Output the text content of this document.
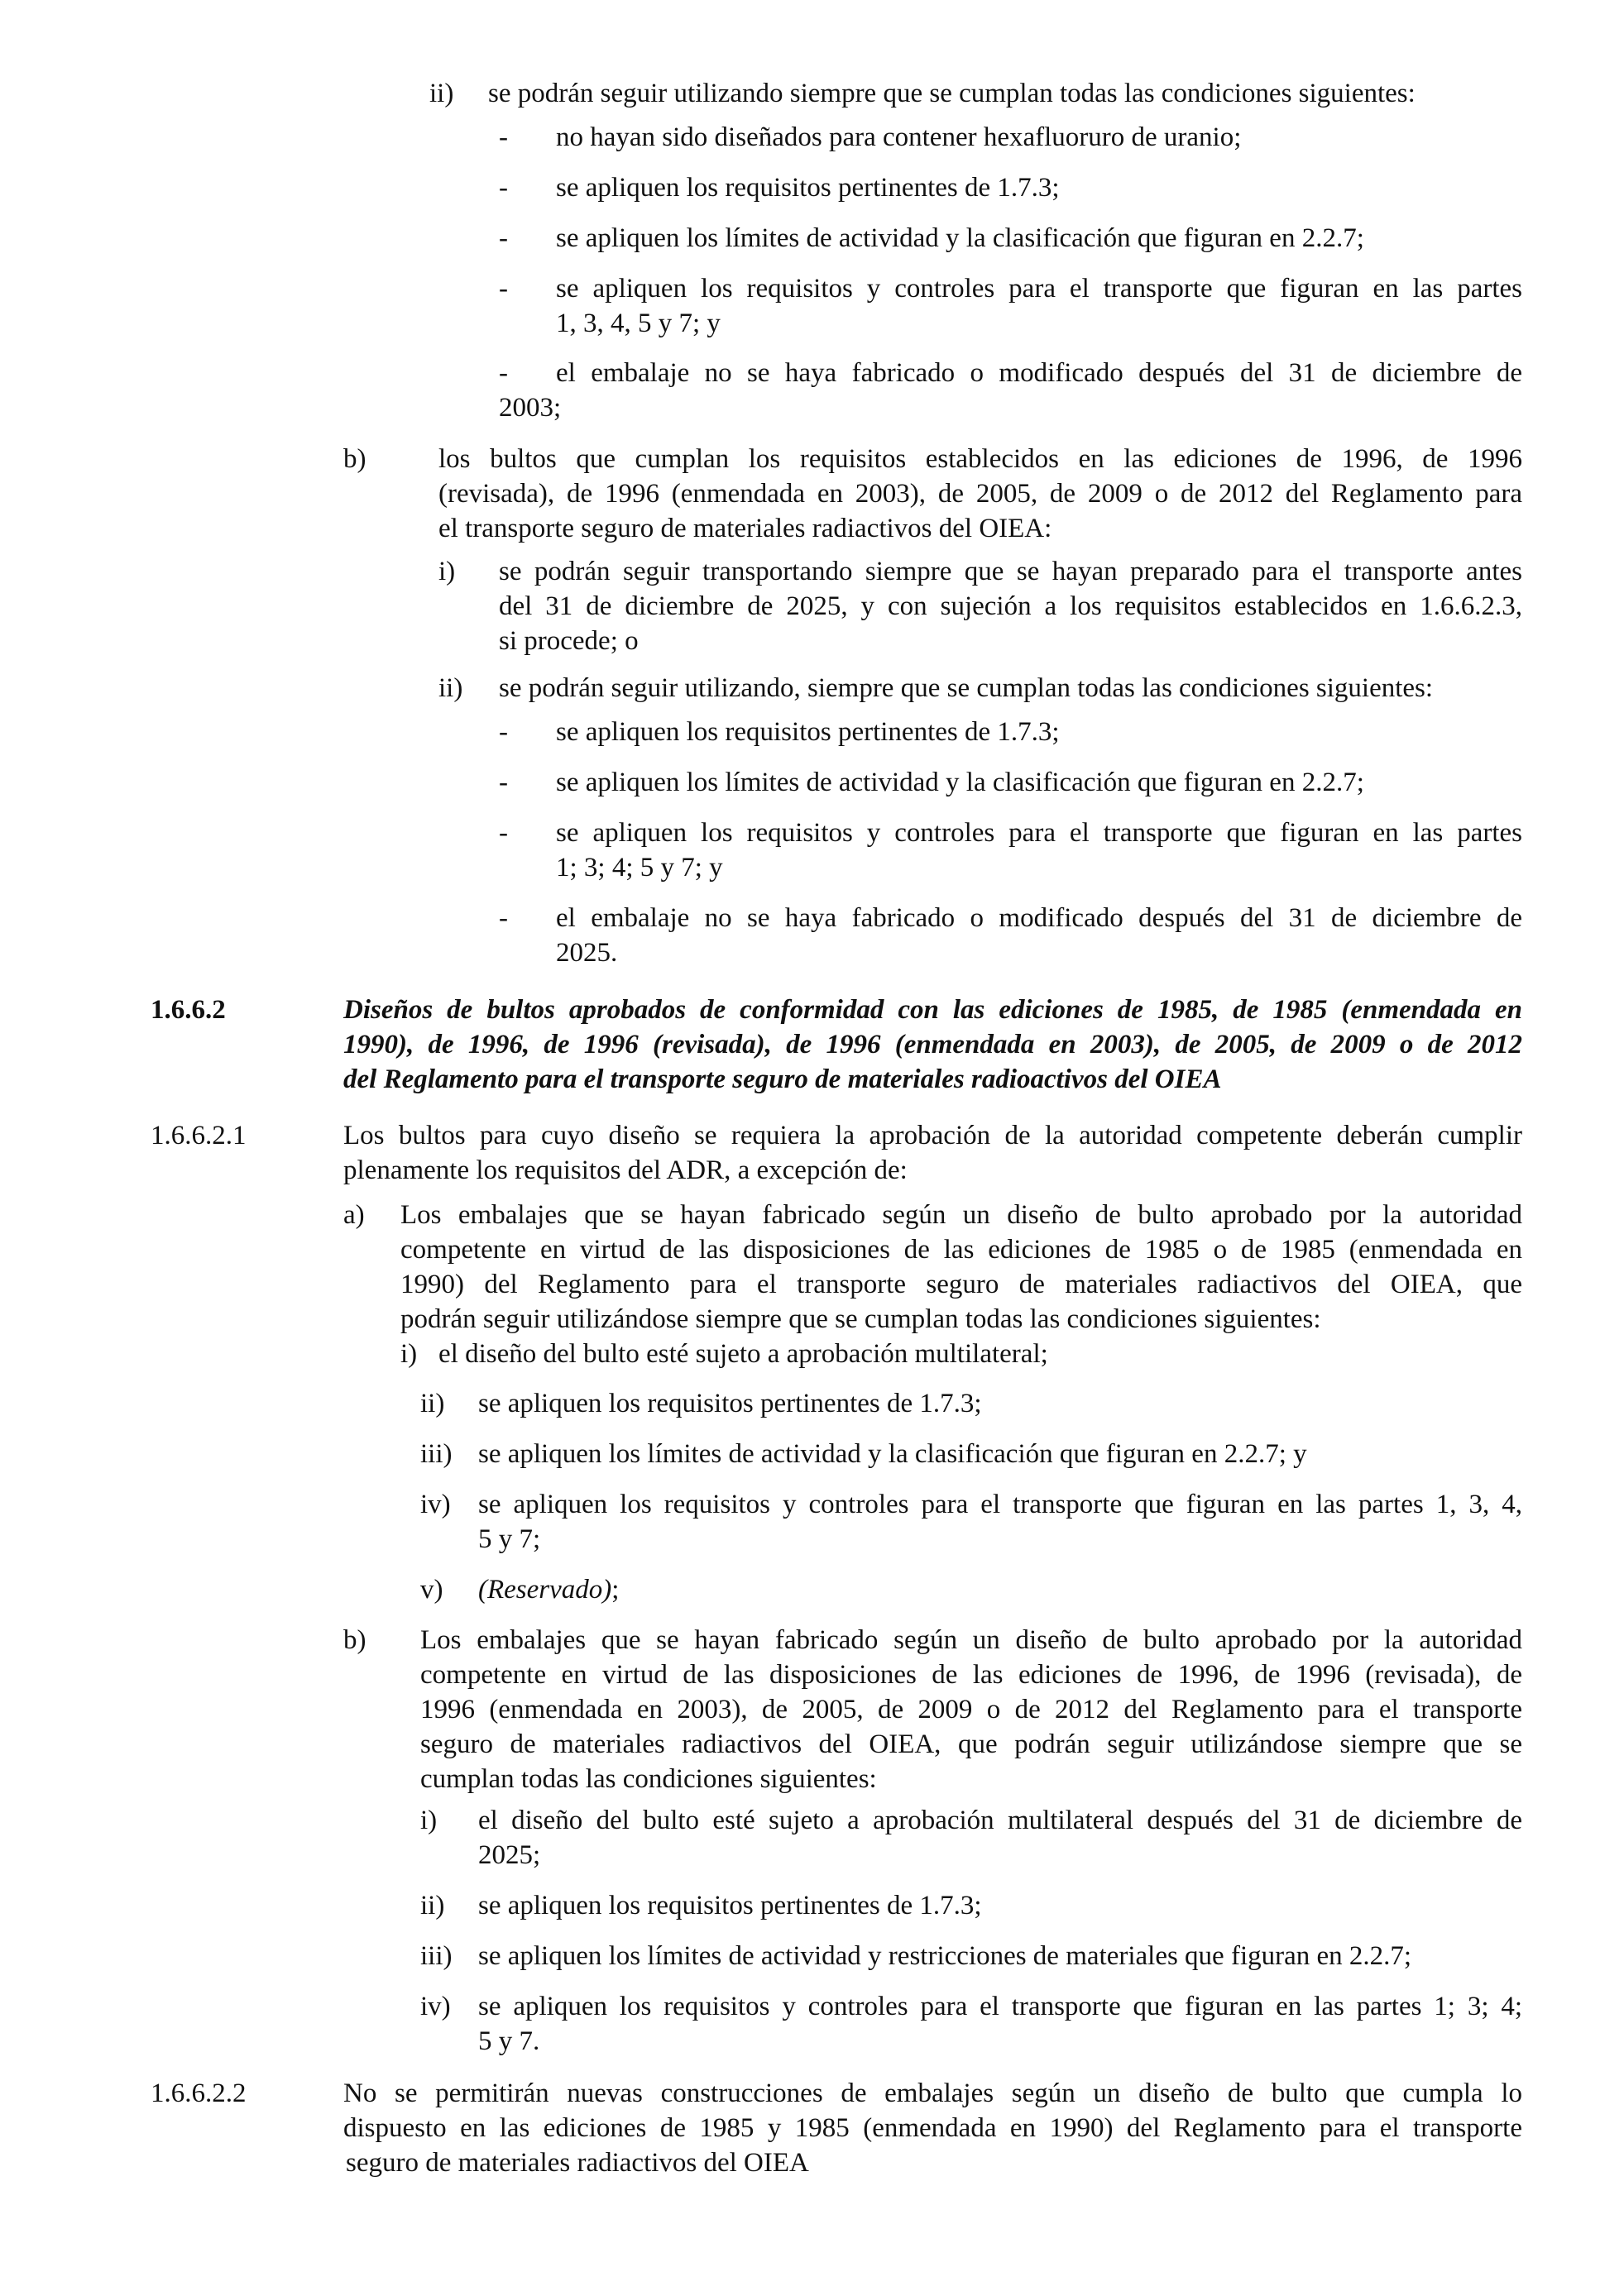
ii) se podrán seguir utilizando siempre que se cumplan todas las condiciones siguientes:
- no hayan sido diseñados para contener hexafluoruro de uranio;
- se apliquen los requisitos pertinentes de 1.7.3;
- se apliquen los límites de actividad y la clasificación que figuran en 2.2.7;
- se apliquen los requisitos y controles para el transporte que figuran en las partes
1, 3, 4, 5 y 7; y
- el embalaje no se haya fabricado o modificado después del 31 de diciembre de
2003;
b)	los bultos que cumplan los requisitos establecidos en las ediciones de 1996, de 1996
(revisada), de 1996 (enmendada en 2003), de 2005, de 2009 o de 2012 del Reglamento para
el transporte seguro de materiales radiactivos del OIEA:
i) se podrán seguir transportando siempre que se hayan preparado para el transporte antes
del 31 de diciembre de 2025, y con sujeción a los requisitos establecidos en 1.6.6.2.3,
si procede; o
ii) se podrán seguir utilizando, siempre que se cumplan todas las condiciones siguientes:
- se apliquen los requisitos pertinentes de 1.7.3;
- se apliquen los límites de actividad y la clasificación que figuran en 2.2.7;
- se apliquen los requisitos y controles para el transporte que figuran en las partes
1; 3; 4; 5 y 7; y
- el embalaje no se haya fabricado o modificado después del 31 de diciembre de
2025.
1.6.6.2	Diseños de bultos aprobados de conformidad con las ediciones de 1985, de 1985 (enmendada en
1990), de 1996, de 1996 (revisada), de 1996 (enmendada en 2003), de 2005, de 2009 o de 2012
del Reglamento para el transporte seguro de materiales radioactivos del OIEA
1.6.6.2.1	Los bultos para cuyo diseño se requiera la aprobación de la autoridad competente deberán cumplir
plenamente los requisitos del ADR, a excepción de:
a) Los embalajes que se hayan fabricado según un diseño de bulto aprobado por la autoridad
competente en virtud de las disposiciones de las ediciones de 1985 o de 1985 (enmendada en
1990) del Reglamento para el transporte seguro de materiales radiactivos del OIEA, que
podrán seguir utilizándose siempre que se cumplan todas las condiciones siguientes:
i) el diseño del bulto esté sujeto a aprobación multilateral;
ii) se apliquen los requisitos pertinentes de 1.7.3;
iii) se apliquen los límites de actividad y la clasificación que figuran en 2.2.7; y
iv) se apliquen los requisitos y controles para el transporte que figuran en las partes 1, 3, 4,
5 y 7;
v) (Reservado);
b) Los embalajes que se hayan fabricado según un diseño de bulto aprobado por la autoridad
competente en virtud de las disposiciones de las ediciones de 1996, de 1996 (revisada), de
1996 (enmendada en 2003), de 2005, de 2009 o de 2012 del Reglamento para el transporte
seguro de materiales radiactivos del OIEA, que podrán seguir utilizándose siempre que se
cumplan todas las condiciones siguientes:
i) el diseño del bulto esté sujeto a aprobación multilateral después del 31 de diciembre de
2025;
ii) se apliquen los requisitos pertinentes de 1.7.3;
iii) se apliquen los límites de actividad y restricciones de materiales que figuran en 2.2.7;
iv) se apliquen los requisitos y controles para el transporte que figuran en las partes 1; 3; 4;
5 y 7.
1.6.6.2.2	No se permitirán nuevas construcciones de embalajes según un diseño de bulto que cumpla lo
dispuesto en las ediciones de 1985 y 1985 (enmendada en 1990) del Reglamento para el transporte
seguro de materiales radiactivos del OIEA
